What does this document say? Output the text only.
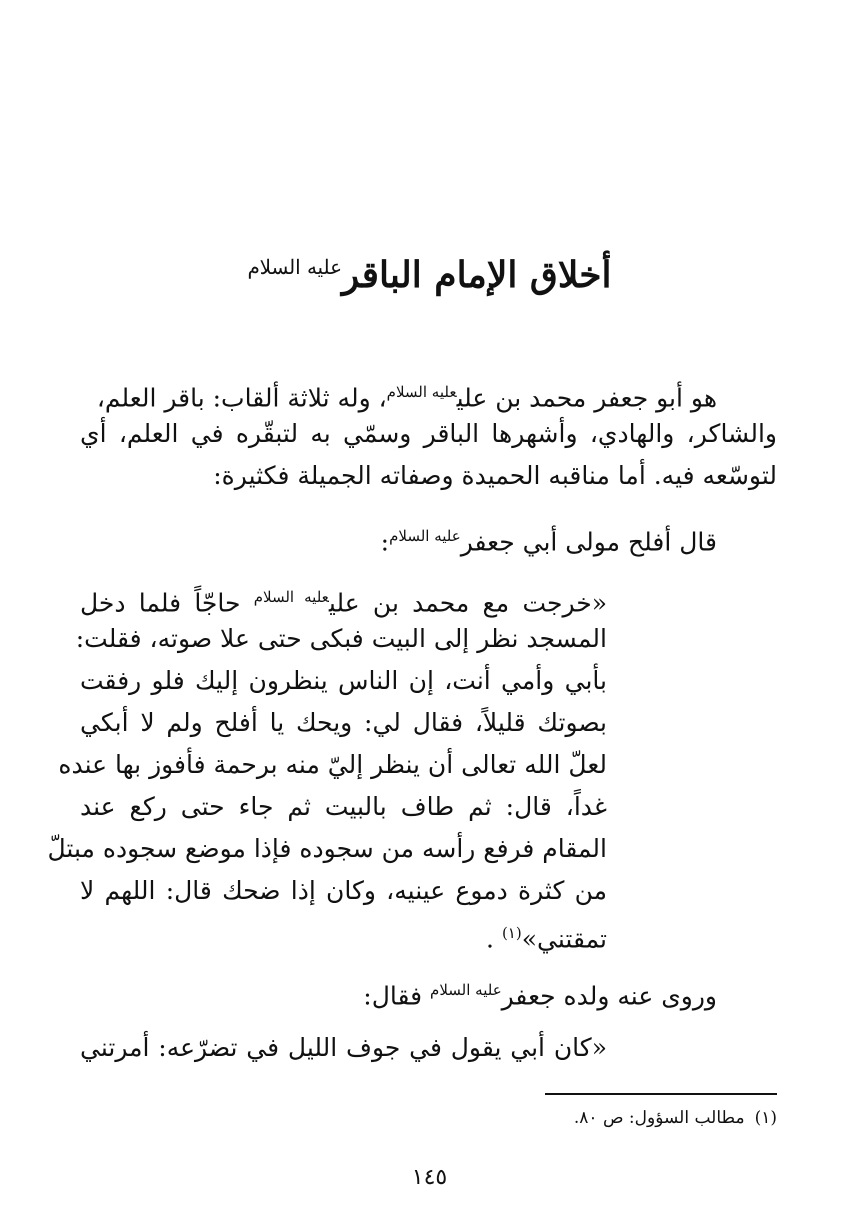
أخلاق الإمام الباقر$^{عليه السلام}$
هو أبو جعفر محمد بن علي$^{عليه السلام}$، وله ثلاثة ألقاب: باقر العلم،
والشاكر، والهادي، وأشهرها الباقر وسمّي به لتبقّره في العلم، أي
لتوسّعه فيه. أما مناقبه الحميدة وصفاته الجميلة فكثيرة:
قال أفلح مولى أبي جعفر$^{عليه السلام}$:
«خرجت مع محمد بن علي$^{عليه السلام}$ حاجّاً فلما دخل
المسجد نظر إلى البيت فبكى حتى علا صوته، فقلت:
بأبي وأمي أنت، إن الناس ينظرون إليك فلو رفقت
بصوتك قليلاً، فقال لي: ويحك يا أفلح ولم لا أبكي
لعلّ الله تعالى أن ينظر إليّ منه برحمة فأفوز بها عنده
غداً، قال: ثم طاف بالبيت ثم جاء حتى ركع عند
المقام فرفع رأسه من سجوده فإذا موضع سجوده مبتلّ
من كثرة دموع عينيه، وكان إذا ضحك قال: اللهم لا
تمقتني»$^{(١)}$ .
وروى عنه ولده جعفر$^{عليه السلام}$ فقال:
«كان أبي يقول في جوف الليل في تضرّعه: أمرتني
(١)مطالب السؤول: ص ٨٠.
١٤٥
